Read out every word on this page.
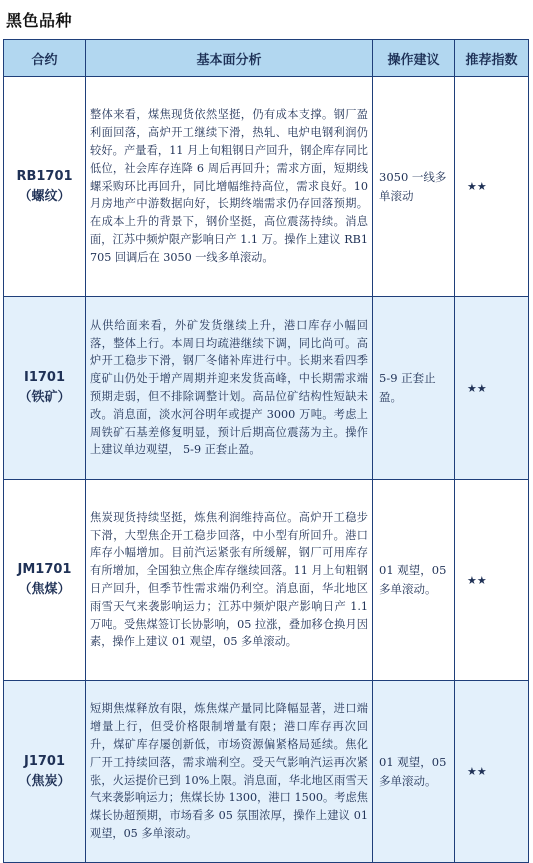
黑色品种
合约	基本面分析	操作建议	推荐指数

RB1701
（螺纹）	整体来看，煤焦现货依然坚挺，仍有成本支撑。钢厂盈利面回落，高炉开工继续下滑，热轧、电炉电钢利润仍较好。产量看，11 月上旬粗钢日产回升，钢企库存同比低位，社会库存连降 6 周后再回升；需求方面，短期线螺采购环比再回升，同比增幅维持高位，需求良好。10 月房地产中游数据向好，长期终端需求仍存回落预期。在成本上升的背景下，钢价坚挺，高位震荡持续。消息面，江苏中频炉限产影响日产 1.1 万。操作上建议 RB1705 回调后在 3050 一线多单滚动。	3050 一线多单滚动	★★

I1701
（铁矿）	从供给面来看，外矿发货继续上升，港口库存小幅回落，整体上行。本周日均疏港继续下调，同比尚可。高炉开工稳步下滑，钢厂冬储补库进行中。长期来看四季度矿山仍处于增产周期并迎来发货高峰，中长期需求端预期走弱，但不排除调整计划。高品位矿结构性短缺未改。消息面，淡水河谷明年或提产 3000 万吨。考虑上周铁矿石基差修复明显，预计后期高位震荡为主。操作上建议单边观望， 5-9 正套止盈。	5-9 正套止盈。	★★

JM1701
（焦煤）	焦炭现货持续坚挺，炼焦利润维持高位。高炉开工稳步下滑，大型焦企开工稳步回落，中小型有所回升。港口库存小幅增加。目前汽运紧张有所缓解，钢厂可用库存有所增加，全国独立焦企库存继续回落。11 月上旬粗钢日产回升，但季节性需求端仍利空。消息面，华北地区雨雪天气来袭影响运力；江苏中频炉限产影响日产 1.1 万吨。受焦煤签订长协影响，05 拉涨，叠加移仓换月因素，操作上建议 01 观望，05 多单滚动。	01 观望，05 多单滚动。	★★

J1701
（焦炭）	短期焦煤释放有限，炼焦煤产量同比降幅显著，进口端增量上行，但受价格限制增量有限；港口库存再次回升，煤矿库存屡创新低，市场资源偏紧格局延续。焦化厂开工持续回落，需求端利空。受天气影响汽运再次紧张，火运提价已到 10%上限。消息面，华北地区雨雪天气来袭影响运力；焦煤长协 1300，港口 1500。考虑焦煤长协超预期，市场看多 05 氛围浓厚，操作上建议 01 观望，05 多单滚动。	01 观望，05 多单滚动。	★★
